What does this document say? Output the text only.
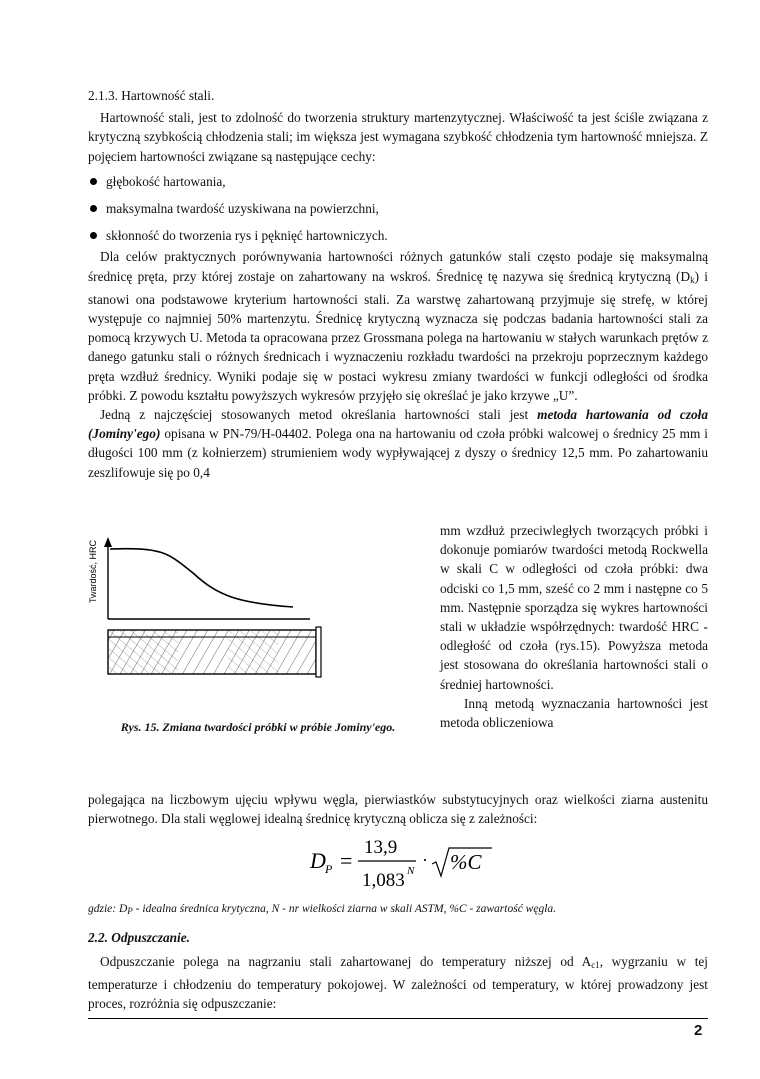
2.1.3. Hartowność stali.

Hartowność stali, jest to zdolność do tworzenia struktury martenzytycznej. Właściwość ta jest ściśle związana z krytyczną szybkością chłodzenia stali; im większa jest wymagana szybkość chłodzenia tym hartowność mniejsza. Z pojęciem hartowności związane są następujące cechy:

głębokość hartowania,
maksymalna twardość uzyskiwana na powierzchni,
skłonność do tworzenia rys i pęknięć hartowniczych.

Dla celów praktycznych porównywania hartowności różnych gatunków stali często podaje się maksymalną średnicę pręta, przy której zostaje on zahartowany na wskroś. Średnicę tę nazywa się średnicą krytyczną $(D_k)$ i stanowi ona podstawowe kryterium hartowności stali. Za warstwę zahartowaną przyjmuje się strefę, w której występuje co najmniej 50% martenzytu. Średnicę krytyczną wyznacza się podczas badania hartowności stali za pomocą krzywych U. Metoda ta opracowana przez Grossmana polega na hartowaniu w stałych warunkach prętów z danego gatunku stali o różnych średnicach i wyznaczeniu rozkładu twardości na przekroju poprzecznym każdego pręta wzdłuż średnicy. Wyniki podaje się w postaci wykresu zmiany twardości w funkcji odległości od środka próbki. Z powodu kształtu powyższych wykresów przyjęło się określać je jako krzywe „U”.

Jedną z najczęściej stosowanych metod określania hartowności stali jest metoda hartowania od czoła (Jominy'ego) opisana w PN-79/H-04402. Polega ona na hartowaniu od czoła próbki walcowej o średnicy 25 mm i długości 100 mm (z kołnierzem) strumieniem wody wypływającej z dyszy o średnicy 12,5 mm. Po zahartowaniu zeszlifowuje się po 0,4

Twardość, HRC
Rys. 15. Zmiana twardości próbki w próbie Jominy'ego.

mm wzdłuż przeciwległych tworzących próbki i dokonuje pomiarów twardości metodą Rockwella w skali C w odległości od czoła próbki: dwa odciski co 1,5 mm, sześć co 2 mm i następne co 5 mm. Następnie sporządza się wykres hartowności stali w układzie współrzędnych: twardość HRC - odległość od czoła (rys.15). Powyższa metoda jest stosowana do określania hartowności stali o średniej hartowności.

Inną metodą wyznaczania hartowności jest metoda obliczeniowa

polegająca na liczbowym ujęciu wpływu węgla, pierwiastków substytucyjnych oraz wielkości ziarna austenitu pierwotnego. Dla stali węglowej idealną średnicę krytyczną oblicza się z zależności:
D P =
13,9
1,083 N
· %C
gdzie: $D_P$ - idealna średnica krytyczna, N - nr wielkości ziarna w skali ASTM, %C - zawartość węgla.
2.2. Odpuszczanie.
Odpuszczanie polega na nagrzaniu stali zahartowanej do temperatury niższej od $A_{c1}$, wygrzaniu w tej temperaturze i chłodzeniu do temperatury pokojowej. W zależności od temperatury, w której prowadzony jest proces, rozróżnia się odpuszczanie:
2
